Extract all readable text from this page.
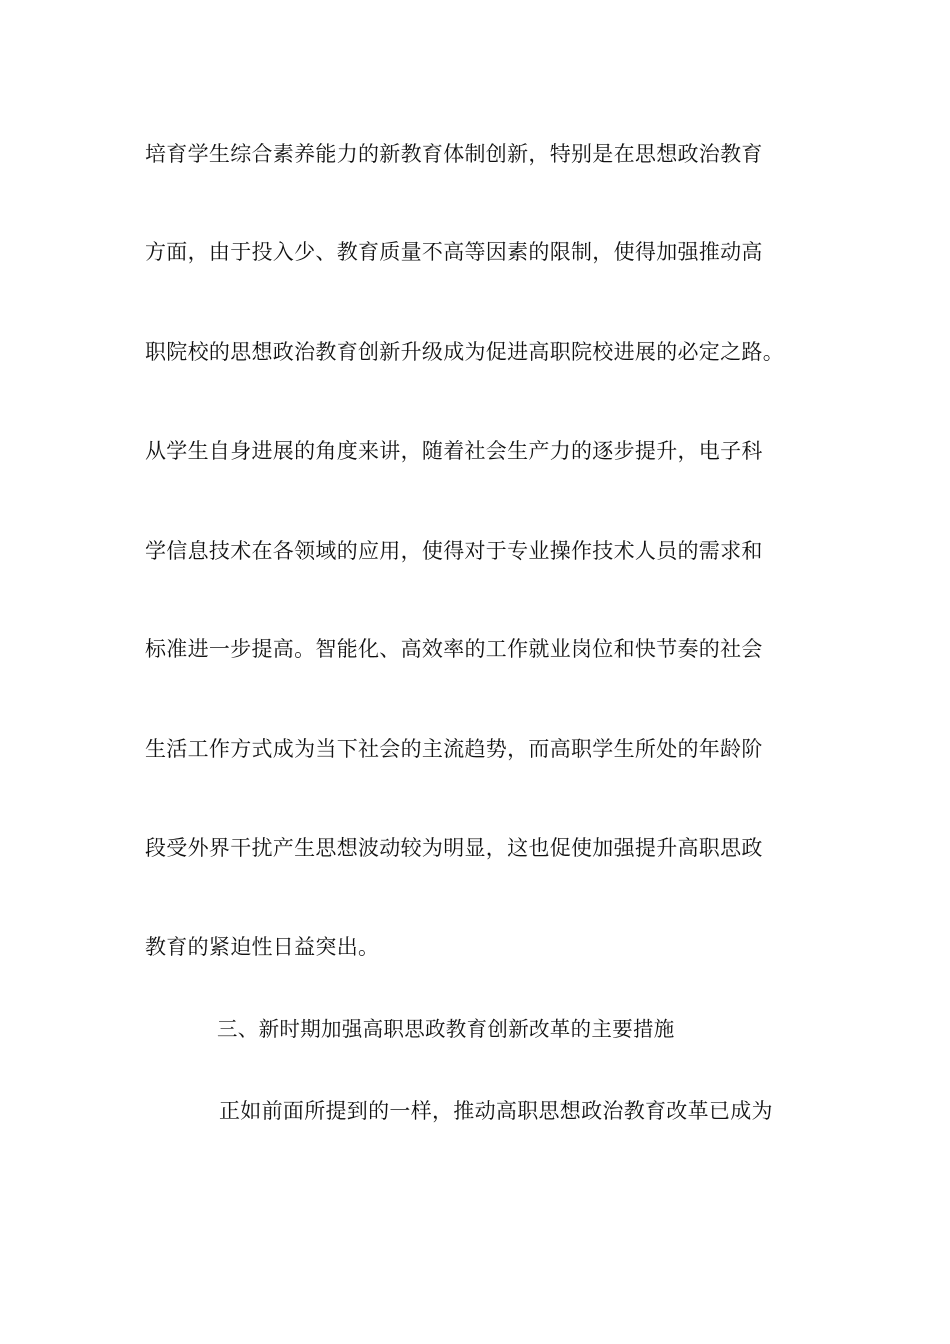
培育学生综合素养能力的新教育体制创新，特别是在思想政治教育
方面，由于投入少、教育质量不高等因素的限制，使得加强推动高
职院校的思想政治教育创新升级成为促进高职院校进展的必定之路。
从学生自身进展的角度来讲，随着社会生产力的逐步提升，电子科
学信息技术在各领域的应用，使得对于专业操作技术人员的需求和
标准进一步提高。智能化、高效率的工作就业岗位和快节奏的社会
生活工作方式成为当下社会的主流趋势，而高职学生所处的年龄阶
段受外界干扰产生思想波动较为明显，这也促使加强提升高职思政
教育的紧迫性日益突出。
三、新时期加强高职思政教育创新改革的主要措施
正如前面所提到的一样，推动高职思想政治教育改革已成为
